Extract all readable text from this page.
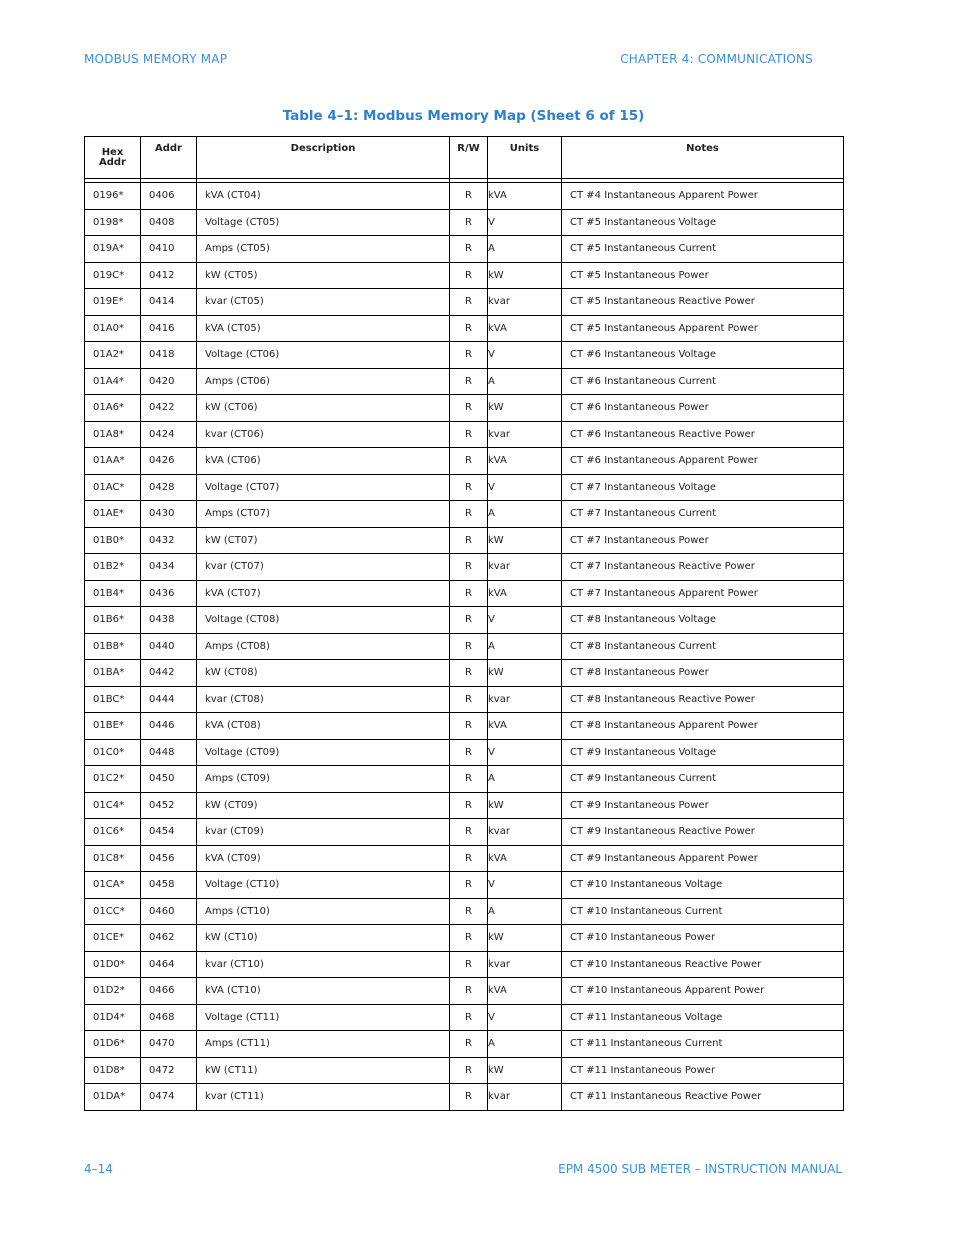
MODBUS MEMORY MAP	CHAPTER 4: COMMUNICATIONS
Table 4–1: Modbus Memory Map (Sheet 6 of 15)
Hex Addr	Addr	Description	R/W	Units	Notes

0196*	0406	kVA (CT04)	R	kVA	CT #4 Instantaneous Apparent Power
0198*	0408	Voltage (CT05)	R	V	CT #5 Instantaneous Voltage
019A*	0410	Amps (CT05)	R	A	CT #5 Instantaneous Current
019C*	0412	kW (CT05)	R	kW	CT #5 Instantaneous Power
019E*	0414	kvar (CT05)	R	kvar	CT #5 Instantaneous Reactive Power
01A0*	0416	kVA (CT05)	R	kVA	CT #5 Instantaneous Apparent Power
01A2*	0418	Voltage (CT06)	R	V	CT #6 Instantaneous Voltage
01A4*	0420	Amps (CT06)	R	A	CT #6 Instantaneous Current
01A6*	0422	kW (CT06)	R	kW	CT #6 Instantaneous Power
01A8*	0424	kvar (CT06)	R	kvar	CT #6 Instantaneous Reactive Power
01AA*	0426	kVA (CT06)	R	kVA	CT #6 Instantaneous Apparent Power
01AC*	0428	Voltage (CT07)	R	V	CT #7 Instantaneous Voltage
01AE*	0430	Amps (CT07)	R	A	CT #7 Instantaneous Current
01B0*	0432	kW (CT07)	R	kW	CT #7 Instantaneous Power
01B2*	0434	kvar (CT07)	R	kvar	CT #7 Instantaneous Reactive Power
01B4*	0436	kVA (CT07)	R	kVA	CT #7 Instantaneous Apparent Power
01B6*	0438	Voltage (CT08)	R	V	CT #8 Instantaneous Voltage
01B8*	0440	Amps (CT08)	R	A	CT #8 Instantaneous Current
01BA*	0442	kW (CT08)	R	kW	CT #8 Instantaneous Power
01BC*	0444	kvar (CT08)	R	kvar	CT #8 Instantaneous Reactive Power
01BE*	0446	kVA (CT08)	R	kVA	CT #8 Instantaneous Apparent Power
01C0*	0448	Voltage (CT09)	R	V	CT #9 Instantaneous Voltage
01C2*	0450	Amps (CT09)	R	A	CT #9 Instantaneous Current
01C4*	0452	kW (CT09)	R	kW	CT #9 Instantaneous Power
01C6*	0454	kvar (CT09)	R	kvar	CT #9 Instantaneous Reactive Power
01C8*	0456	kVA (CT09)	R	kVA	CT #9 Instantaneous Apparent Power
01CA*	0458	Voltage (CT10)	R	V	CT #10 Instantaneous Voltage
01CC*	0460	Amps (CT10)	R	A	CT #10 Instantaneous Current
01CE*	0462	kW (CT10)	R	kW	CT #10 Instantaneous Power
01D0*	0464	kvar (CT10)	R	kvar	CT #10 Instantaneous Reactive Power
01D2*	0466	kVA (CT10)	R	kVA	CT #10 Instantaneous Apparent Power
01D4*	0468	Voltage (CT11)	R	V	CT #11 Instantaneous Voltage
01D6*	0470	Amps (CT11)	R	A	CT #11 Instantaneous Current
01D8*	0472	kW (CT11)	R	kW	CT #11 Instantaneous Power
01DA*	0474	kvar (CT11)	R	kvar	CT #11 Instantaneous Reactive Power
4–14	EPM 4500 SUB METER – INSTRUCTION MANUAL
